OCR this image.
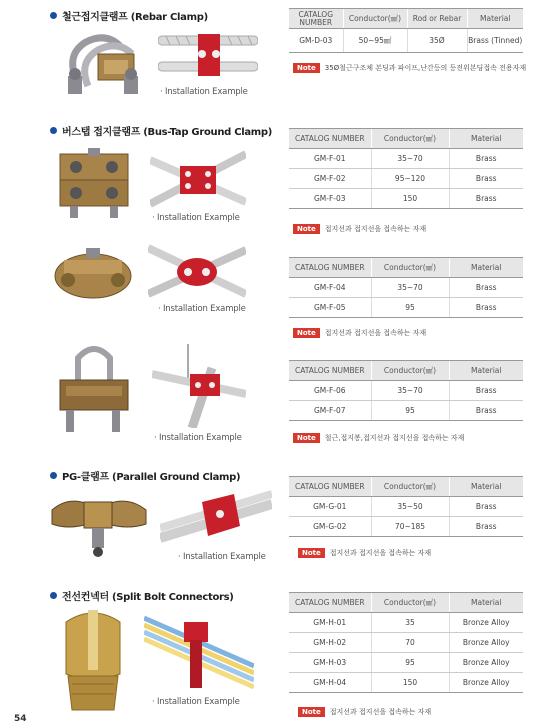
철근접지클램프 (Rebar Clamp)
버스탭 접지클램프 (Bus-Tap Ground Clamp)
PG-클램프 (Parallel Ground Clamp)
전선컨넥터 (Split Bolt Connectors)
· Installation Example
CATALOG NUMBER	Conductor(㎟)	Rod or Rebar	Material
GM-D-03	50~95㎟	35Ø	Brass (Tinned)
Note	35Ø철근구조체 본딩과 파이프,난간등의 등전위본딩접속 전용자재
· Installation Example
CATALOG NUMBER	Conductor(㎟)	Material
GM-F-01	35~70	Brass
GM-F-02	95~120	Brass
GM-F-03	150	Brass
Note	접지선과 접지선을 접속하는 자재
· Installation Example
CATALOG NUMBER	Conductor(㎟)	Material
GM-F-04	35~70	Brass
GM-F-05	95	Brass
Note	접지선과 접지선을 접속하는 자재
· Installation Example
CATALOG NUMBER	Conductor(㎟)	Material
GM-F-06	35~70	Brass
GM-F-07	95	Brass
Note	철근,접지봉,접지선과 접지선을 접속하는 자재
· Installation Example
CATALOG NUMBER	Conductor(㎟)	Material
GM-G-01	35~50	Brass
GM-G-02	70~185	Brass
Note	접지선과 접지선을 접속하는 자재
· Installation Example
CATALOG NUMBER	Conductor(㎟)	Material
GM-H-01	35	Bronze Alloy
GM-H-02	70	Bronze Alloy
GM-H-03	95	Bronze Alloy
GM-H-04	150	Bronze Alloy
Note	접지선과 접지선을 접속하는 자재
54
